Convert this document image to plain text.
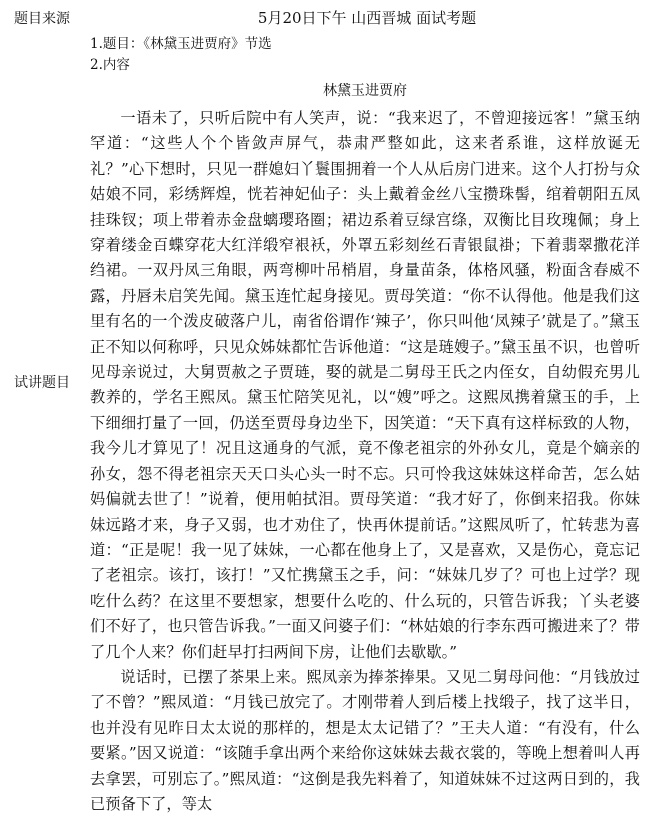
题目来源
试讲题目
5月20日下午 山西晋城 面试考题
1.题目：《林黛玉进贾府》节选
2.内容
林黛玉进贾府

一语未了，只听后院中有人笑声，说：“我来迟了，不曾迎接远客！”黛玉纳罕道：“这些人个个皆敛声屏气，恭肃严整如此，这来者系谁，这样放诞无礼？”心下想时，只见一群媳妇丫鬟围拥着一个人从后房门进来。这个人打扮与众姑娘不同，彩绣辉煌，恍若神妃仙子：头上戴着金丝八宝攒珠髻，绾着朝阳五凤挂珠钗；项上带着赤金盘螭璎珞圈；裙边系着豆绿宫绦，双衡比目玫瑰佩；身上穿着缕金百蝶穿花大红洋缎窄裉袄，外罩五彩刻丝石青银鼠褂；下着翡翠撒花洋绉裙。一双丹凤三角眼，两弯柳叶吊梢眉，身量苗条，体格风骚，粉面含春威不露，丹唇未启笑先闻。黛玉连忙起身接见。贾母笑道：“你不认得他。他是我们这里有名的一个泼皮破落户儿，南省俗谓作‘辣子’，你只叫他‘凤辣子’就是了。”黛玉正不知以何称呼，只见众姊妹都忙告诉他道：“这是琏嫂子。”黛玉虽不识，也曾听见母亲说过，大舅贾赦之子贾琏，娶的就是二舅母王氏之内侄女，自幼假充男儿教养的，学名王熙凤。黛玉忙陪笑见礼，以“嫂”呼之。这熙凤携着黛玉的手，上下细细打量了一回，仍送至贾母身边坐下，因笑道：“天下真有这样标致的人物，我今儿才算见了！况且这通身的气派，竟不像老祖宗的外孙女儿，竟是个嫡亲的孙女，怨不得老祖宗天天口头心头一时不忘。只可怜我这妹妹这样命苦，怎么姑妈偏就去世了！”说着，便用帕拭泪。贾母笑道：“我才好了，你倒来招我。你妹妹远路才来，身子又弱，也才劝住了，快再休提前话。”这熙凤听了，忙转悲为喜道：“正是呢！我一见了妹妹，一心都在他身上了，又是喜欢，又是伤心，竟忘记了老祖宗。该打，该打！”又忙携黛玉之手，问：“妹妹几岁了？可也上过学？现吃什么药？在这里不要想家，想要什么吃的、什么玩的，只管告诉我；丫头老婆们不好了，也只管告诉我。”一面又问婆子们：“林姑娘的行李东西可搬进来了？带了几个人来？你们赶早打扫两间下房，让他们去歇歇。”

说话时，已摆了茶果上来。熙凤亲为捧茶捧果。又见二舅母问他：“月钱放过了不曾？”熙凤道：“月钱已放完了。才刚带着人到后楼上找缎子，找了这半日，也并没有见昨日太太说的那样的，想是太太记错了？”王夫人道：“有没有，什么要紧。”因又说道：“该随手拿出两个来给你这妹妹去裁衣裳的，等晚上想着叫人再去拿罢，可别忘了。”熙凤道：“这倒是我先料着了，知道妹妹不过这两日到的，我已预备下了，等太
